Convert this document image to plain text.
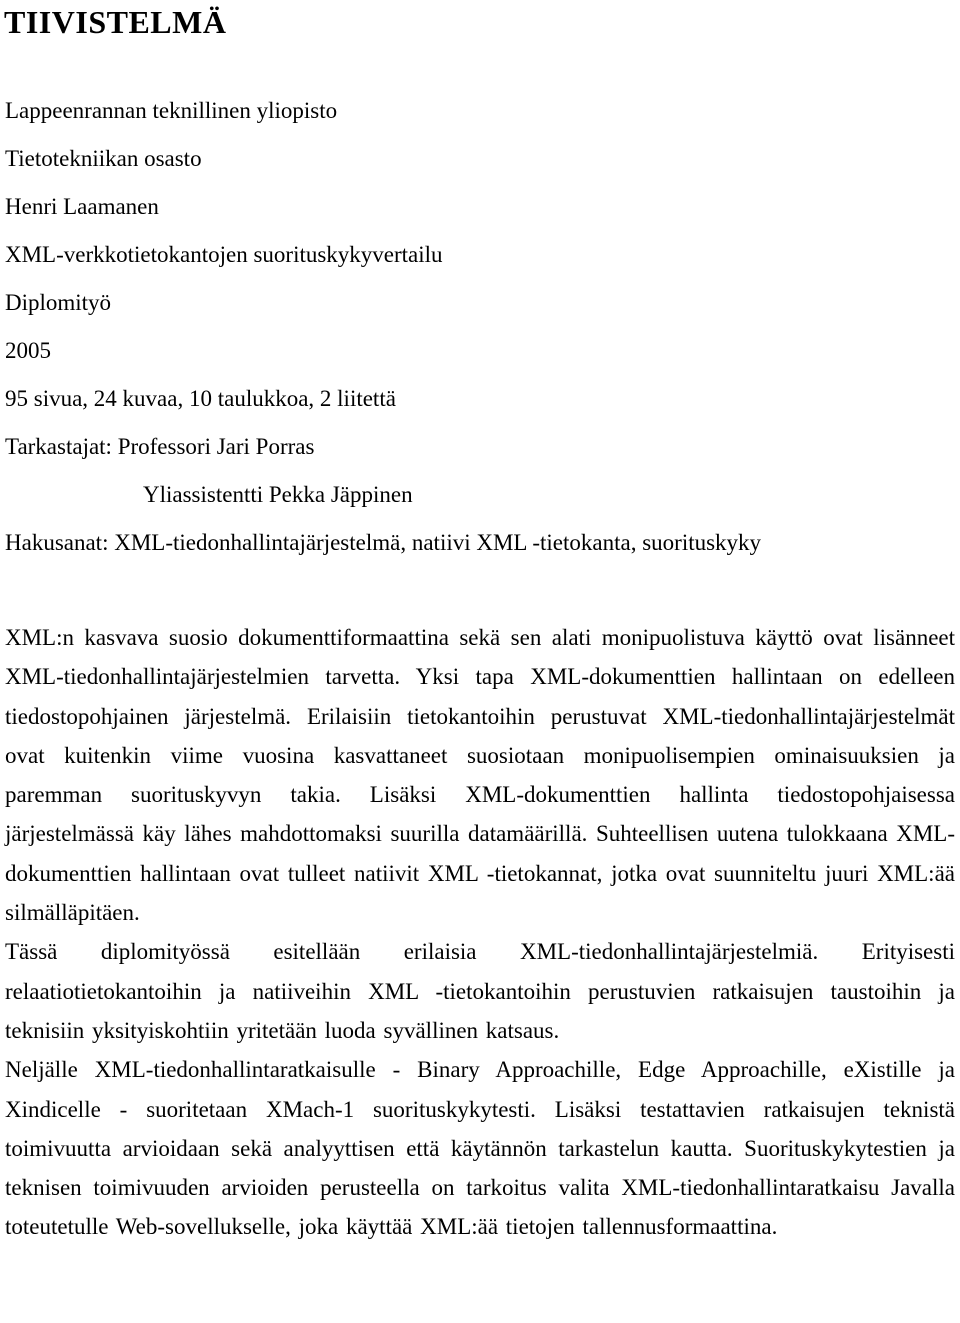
TIIVISTELMÄ
Lappeenrannan teknillinen yliopisto
Tietotekniikan osasto
Henri Laamanen
XML-verkkotietokantojen suorituskykyvertailu
Diplomityö
2005
95 sivua, 24 kuvaa, 10 taulukkoa, 2 liitettä
Tarkastajat: Professori Jari Porras
Yliassistentti Pekka Jäppinen
Hakusanat: XML-tiedonhallintajärjestelmä, natiivi XML -tietokanta, suorituskyky

XML:n kasvava suosio dokumenttiformaattina sekä sen alati monipuolistuva käyttö ovat lisänneet XML-tiedonhallintajärjestelmien tarvetta. Yksi tapa XML-dokumenttien hallintaan on edelleen tiedostopohjainen järjestelmä. Erilaisiin tietokantoihin perustuvat XML-tiedonhallintajärjestelmät ovat kuitenkin viime vuosina kasvattaneet suosiotaan monipuolisempien ominaisuuksien ja paremman suorituskyvyn takia. Lisäksi XML-dokumenttien hallinta tiedostopohjaisessa järjestelmässä käy lähes mahdottomaksi suurilla datamäärillä. Suhteellisen uutena tulokkaana XML-dokumenttien hallintaan ovat tulleet natiivit XML -tietokannat, jotka ovat suunniteltu juuri XML:ää silmälläpitäen.

Tässä diplomityössä esitellään erilaisia XML-tiedonhallintajärjestelmiä. Erityisesti relaatiotietokantoihin ja natiiveihin XML -tietokantoihin perustuvien ratkaisujen taustoihin ja teknisiin yksityiskohtiin yritetään luoda syvällinen katsaus.

Neljälle XML-tiedonhallintaratkaisulle - Binary Approachille, Edge Approachille, eXistille ja Xindicelle - suoritetaan XMach-1 suorituskykytesti. Lisäksi testattavien ratkaisujen teknistä toimivuutta arvioidaan sekä analyyttisen että käytännön tarkastelun kautta. Suorituskykytestien ja teknisen toimivuuden arvioiden perusteella on tarkoitus valita XML-tiedonhallintaratkaisu Javalla toteutetulle Web-sovellukselle, joka käyttää XML:ää tietojen tallennusformaattina.
